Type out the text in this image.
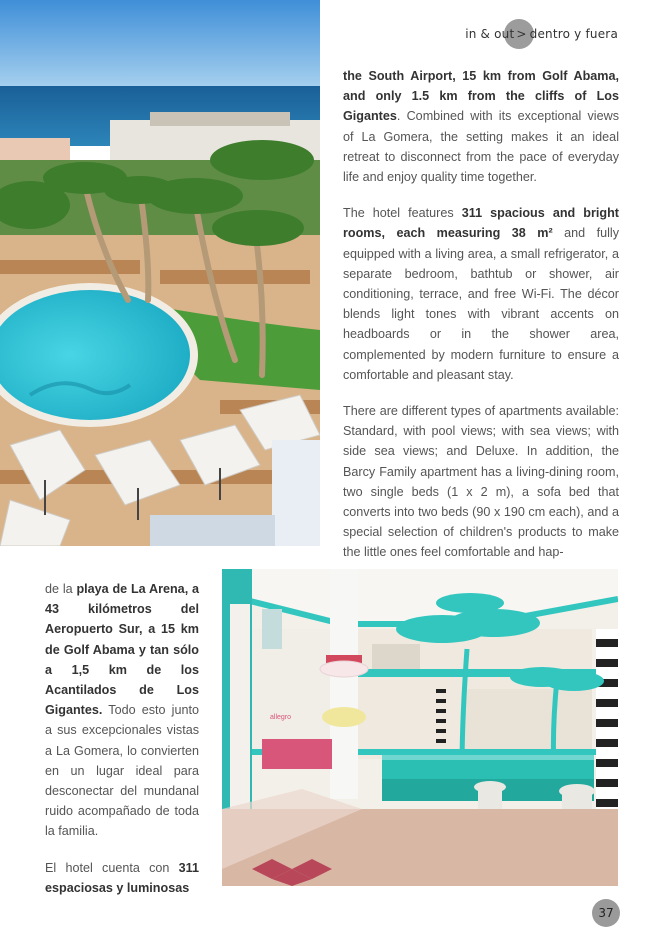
allegro
in & out > dentro y fuera

the South Airport, 15 km from Golf Abama, and only 1.5 km from the cliffs of Los Gigantes. Combined with its exceptional views of La Gomera, the setting makes it an ideal retreat to disconnect from the pace of everyday life and enjoy quality time together.

The hotel features 311 spacious and bright rooms, each measuring 38 m² and fully equipped with a living area, a small refrigerator, a separate bedroom, bathtub or shower, air conditioning, terrace, and free Wi-Fi. The décor blends light tones with vibrant accents on headboards or in the shower area, complemented by modern furniture to ensure a comfortable and pleasant stay.

There are different types of apartments available: Standard, with pool views; with sea views; with side sea views; and Deluxe. In addition, the Barcy Family apartment has a living-dining room, two single beds (1 x 2 m), a sofa bed that converts into two beds (90 x 190 cm each), and a special selection of children's products to make the little ones feel comfortable and hap-

de la playa de La Arena, a 43 kilómetros del Aeropuerto Sur, a 15 km de Golf Abama y tan sólo a 1,5 km de los Acantilados de Los Gigantes. Todo esto junto a sus excepcionales vistas a La Gomera, lo convierten en un lugar ideal para desconectar del mundanal ruido acompañado de toda la familia.

El hotel cuenta con 311 espaciosas y luminosas

37
